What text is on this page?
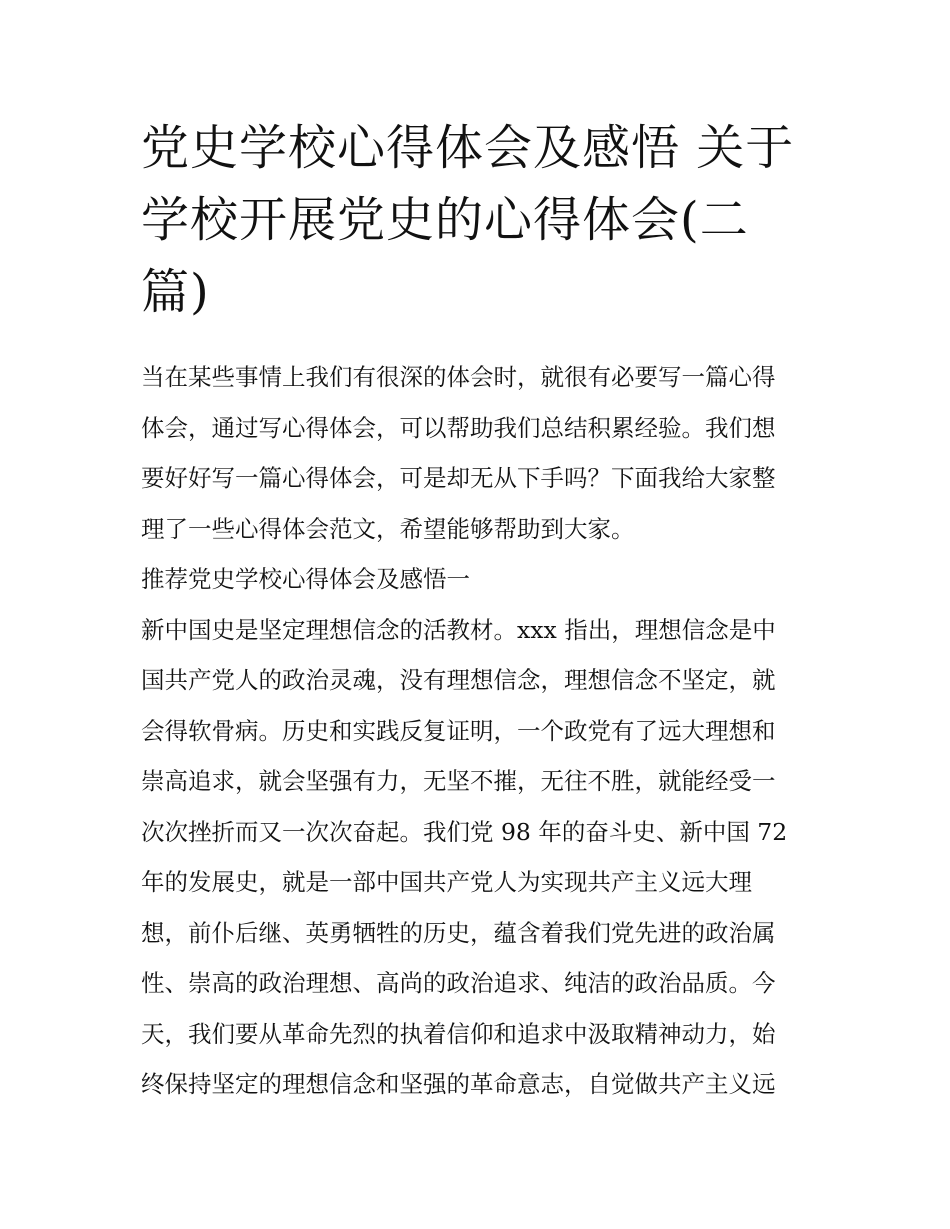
党史学校心得体会及感悟 关于
学校开展党史的心得体会(二
篇)
当在某些事情上我们有很深的体会时，就很有必要写一篇心得
体会，通过写心得体会，可以帮助我们总结积累经验。我们想
要好好写一篇心得体会，可是却无从下手吗？下面我给大家整
理了一些心得体会范文，希望能够帮助到大家。
推荐党史学校心得体会及感悟一
新中国史是坚定理想信念的活教材。xxx 指出，理想信念是中
国共产党人的政治灵魂，没有理想信念，理想信念不坚定，就
会得软骨病。历史和实践反复证明，一个政党有了远大理想和
崇高追求，就会坚强有力，无坚不摧，无往不胜，就能经受一
次次挫折而又一次次奋起。我们党 98 年的奋斗史、新中国 72
年的发展史，就是一部中国共产党人为实现共产主义远大理
想，前仆后继、英勇牺牲的历史，蕴含着我们党先进的政治属
性、崇高的政治理想、高尚的政治追求、纯洁的政治品质。今
天，我们要从革命先烈的执着信仰和追求中汲取精神动力，始
终保持坚定的理想信念和坚强的革命意志，自觉做共产主义远
